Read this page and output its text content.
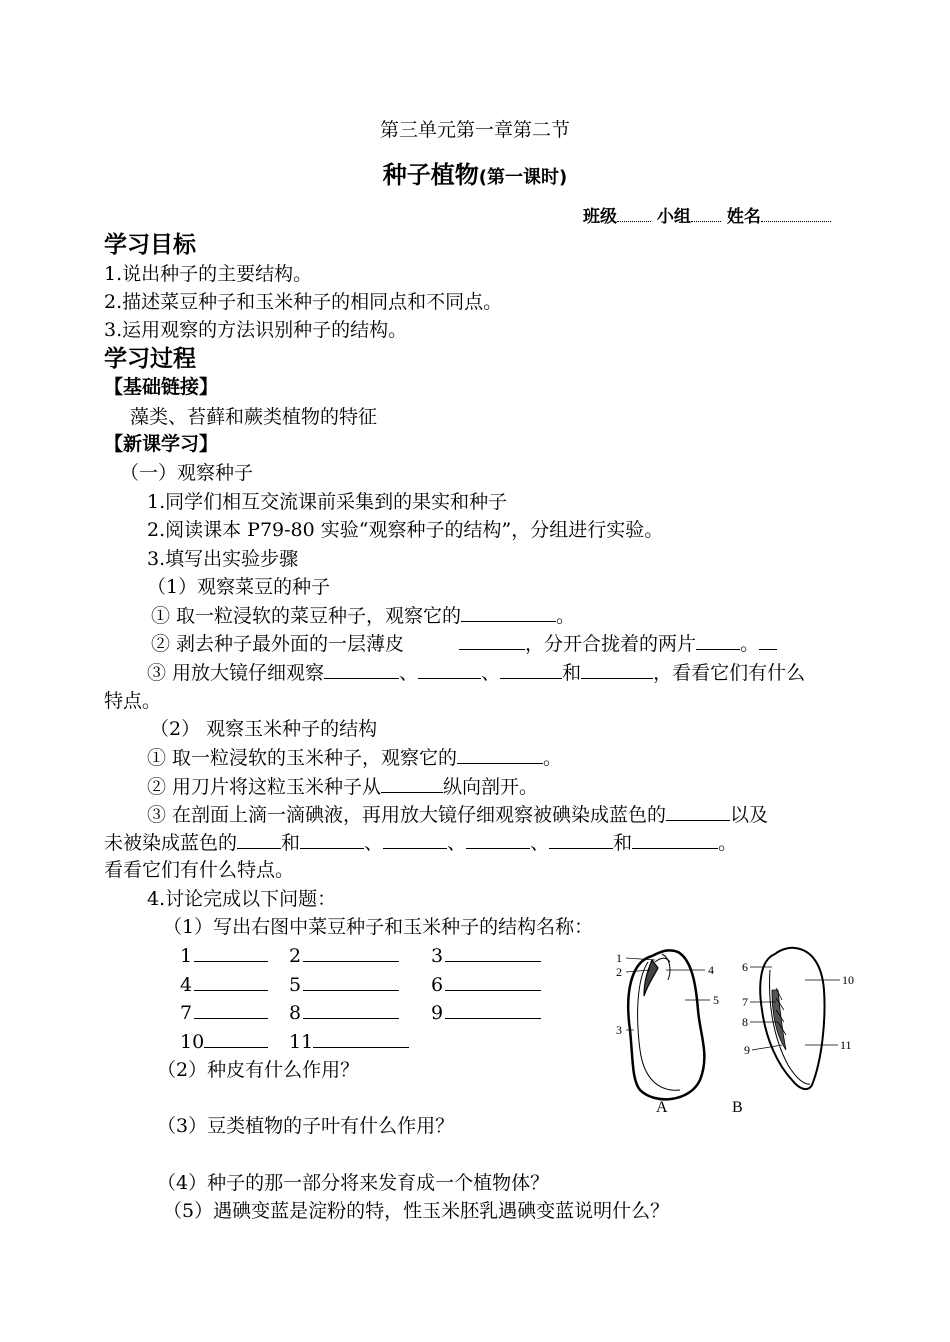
第三单元第一章第二节
种子植物(第一课时)
班级 小组 姓名
学习目标
1.说出种子的主要结构。
2.描述菜豆种子和玉米种子的相同点和不同点。
3.运用观察的方法识别种子的结构。
学习过程
【基础链接】
藻类、苔藓和蕨类植物的特征
【新课学习】
（一）观察种子
1.同学们相互交流课前采集到的果实和种子
2.阅读课本 P79-80 实验“观察种子的结构”，分组进行实验。
3.填写出实验步骤
（1）观察菜豆的种子
① 取一粒浸软的菜豆种子，观察它的	。
② 剥去种子最外面的一层薄皮	，分开合拢着的两片 。
③ 用放大镜仔细观察	、	、	和	，看看它们有什么
特点。
（2） 观察玉米种子的结构
① 取一粒浸软的玉米种子，观察它的	。
② 用刀片将这粒玉米种子从	纵向剖开。
③ 在剖面上滴一滴碘液，再用放大镜仔细观察被碘染成蓝色的	以及
未被染成蓝色的 和	、	、	、	和	。
看看它们有什么特点。
4.讨论完成以下问题：
（1）写出右图中菜豆种子和玉米种子的结构名称：
1	2	3
4	5	6
7	8	9
10	11
（2）种皮有什么作用？
（3）豆类植物的子叶有什么作用？
（4）种子的那一部分将来发育成一个植物体？
（5）遇碘变蓝是淀粉的特，性玉米胚乳遇碘变蓝说明什么？
1
2
3
4
5
6
7
8
9
10
11
A	B
